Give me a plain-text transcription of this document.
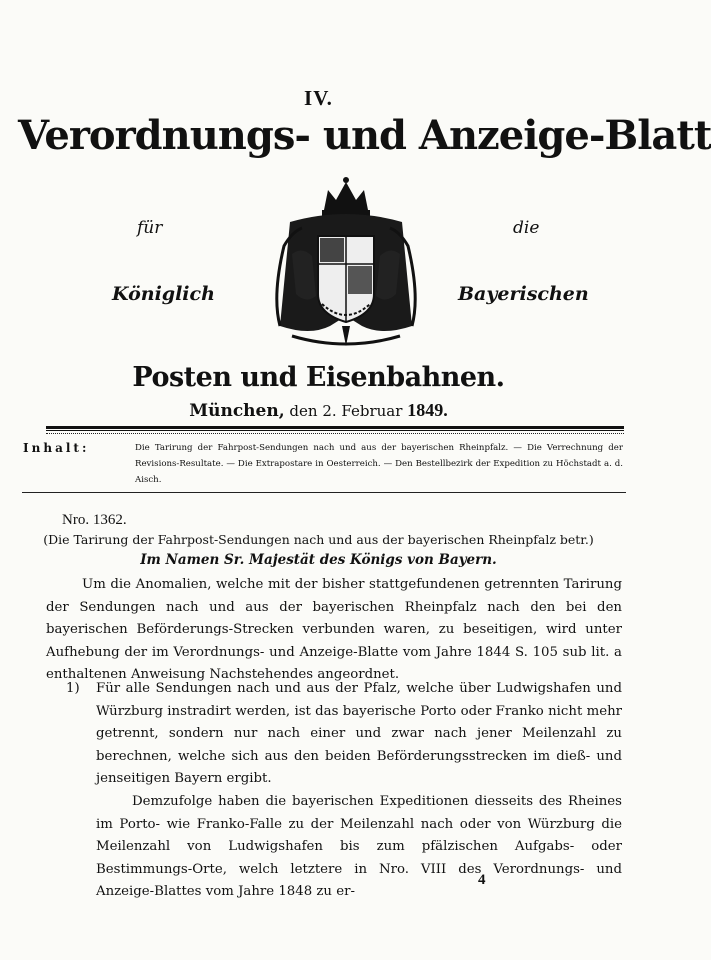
IV.
Verordnungs- und Anzeige-Blatt
für	die
Königlich	Bayerischen
Posten und Eisenbahnen.
München, den 2. Februar 1849.
Inhalt:	Die Tarirung der Fahrpost-Sendungen nach und aus der bayerischen Rheinpfalz. — Die Verrechnung der Revisions-Resultate. — Die Extrapostare in Oesterreich. — Den Bestellbezirk der Expedition zu Höchstadt a. d. Aisch.
Nro. 1362.
(Die Tarirung der Fahrpost-Sendungen nach und aus der bayerischen Rheinpfalz betr.)
Im Namen Sr. Majestät des Königs von Bayern.

Um die Anomalien, welche mit der bisher stattgefundenen getrennten Tarirung der Sendungen nach und aus der bayerischen Rheinpfalz nach den bei den bayerischen Beförderungs-Strecken verbunden waren, zu beseitigen, wird unter Aufhebung der im Verordnungs- und Anzeige-Blatte vom Jahre 1844 S. 105 sub lit. a enthaltenen Anweisung Nachstehendes angeordnet.

1) Für alle Sendungen nach und aus der Pfalz, welche über Ludwigshafen und Würzburg instradirt werden, ist das bayerische Porto oder Franko nicht mehr getrennt, sondern nur nach einer und zwar nach jener Meilenzahl zu berechnen, welche sich aus den beiden Beförderungsstrecken im dieß- und jenseitigen Bayern ergibt.

Demzufolge haben die bayerischen Expeditionen diesseits des Rheines im Porto- wie Franko-Falle zu der Meilenzahl nach oder von Würzburg die Meilenzahl von Ludwigshafen bis zum pfälzischen Aufgabs- oder Bestimmungs-Orte, welch letztere in Nro. VIII des Verordnungs- und Anzeige-Blattes vom Jahre 1848 zu er-

4
